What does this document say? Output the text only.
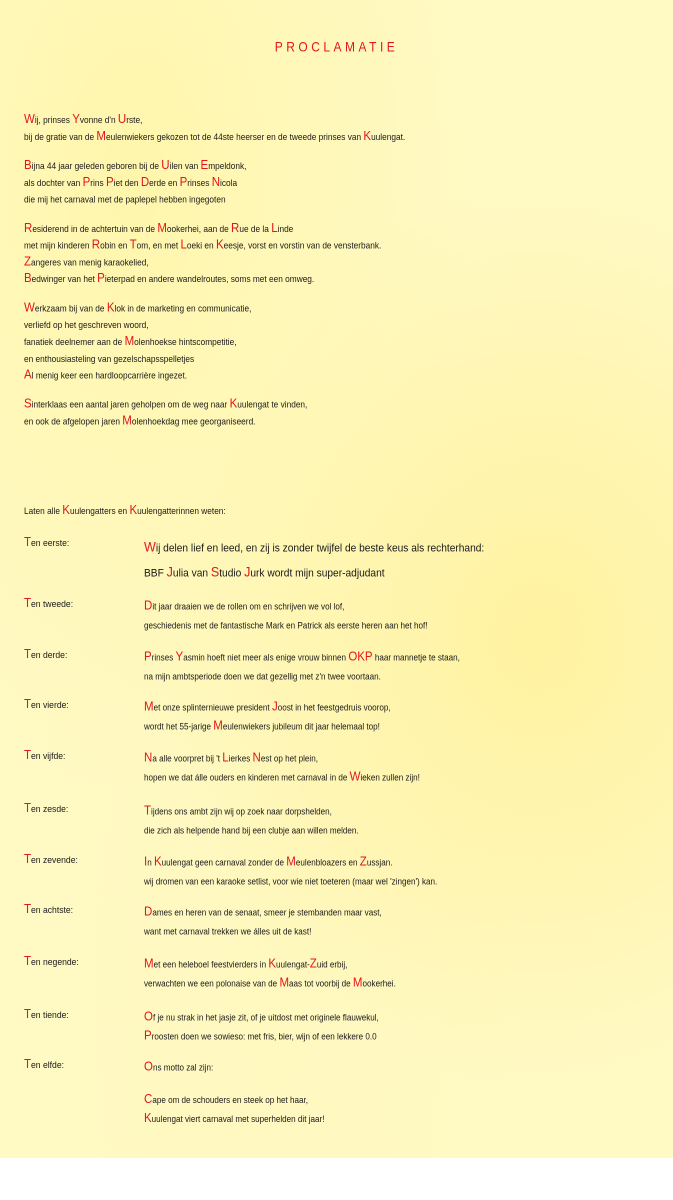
PROCLAMATIE
Wij, prinses Yvonne d'n Urste,
bij de gratie van de Meulenwiekers gekozen tot de 44ste heerser en de tweede prinses van Kuulengat.
Bijna 44 jaar geleden geboren bij de Uilen van Empeldonk,
als dochter van Prins Piet den Derde en Prinses Nicola
die mij het carnaval met de paplepel hebben ingegoten
Residerend in de achtertuin van de Mookerhei, aan de Rue de la Linde
met mijn kinderen Robin en Tom, en met Loeki en Keesje, vorst en vorstin van de vensterbank.
Zangeres van menig karaokelied,
Bedwinger van het Pieterpad en andere wandelroutes, soms met een omweg.
Werkzaam bij van de Klok in de marketing en communicatie,
verliefd op het geschreven woord,
fanatiek deelnemer aan de Molenhoekse hintscompetitie,
en enthousiasteling van gezelschapsspelletjes
Al menig keer een hardloopcarrière ingezet.
Sinterklaas een aantal jaren geholpen om de weg naar Kuulengat te vinden,
en ook de afgelopen jaren Molenhoekdag mee georganiseerd.
Laten alle Kuulengatters en Kuulengatterinnen weten:
Ten eerste:	Wij delen lief en leed, en zij is zonder twijfel de beste keus als rechterhand:
BBF Julia van Studio Jurk wordt mijn super-adjudant
Ten tweede:	Dit jaar draaien we de rollen om en schrijven we vol lof,
geschiedenis met de fantastische Mark en Patrick als eerste heren aan het hof!
Ten derde:	Prinses Yasmin hoeft niet meer als enige vrouw binnen OKP haar mannetje te staan,
na mijn ambtsperiode doen we dat gezellig met z'n twee voortaan.
Ten vierde:	Met onze splinternieuwe president Joost in het feestgedruis voorop,
wordt het 55-jarige Meulenwiekers jubileum dit jaar helemaal top!
Ten vijfde:	Na alle voorpret bij 't Lierkes Nest op het plein,
hopen we dat álle ouders en kinderen met carnaval in de Wieken zullen zijn!
Ten zesde:	Tijdens ons ambt zijn wij op zoek naar dorpshelden,
die zich als helpende hand bij een clubje aan willen melden.
Ten zevende:	In Kuulengat geen carnaval zonder de Meulenbloazers en Zussjan.
wij dromen van een karaoke setlist, voor wie niet toeteren (maar wel 'zingen') kan.
Ten achtste:	Dames en heren van de senaat, smeer je stembanden maar vast,
want met carnaval trekken we álles uit de kast!
Ten negende:	Met een heleboel feestvierders in Kuulengat-Zuid erbij,
verwachten we een polonaise van de Maas tot voorbij de Mookerhei.
Ten tiende:	Of je nu strak in het jasje zit, of je uitdost met originele flauwekul,
Proosten doen we sowieso: met fris, bier, wijn of een lekkere 0.0
Ten elfde:	Ons motto zal zijn:
Cape om de schouders en steek op het haar,
Kuulengat viert carnaval met superhelden dit jaar!
